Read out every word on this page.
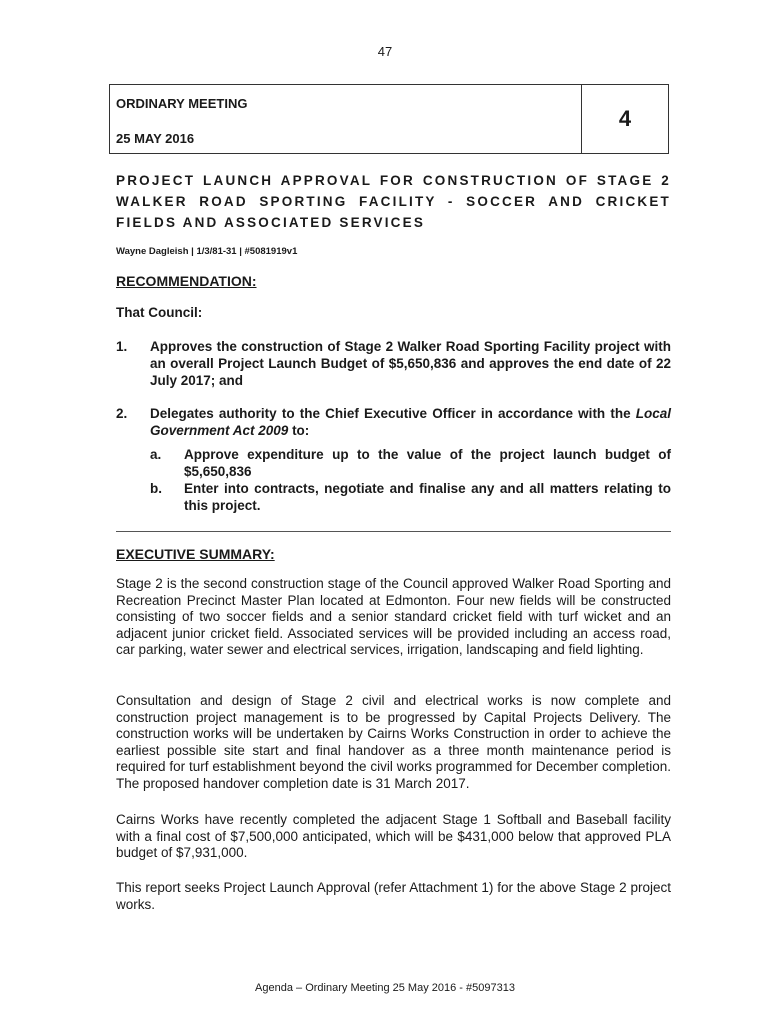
47
ORDINARY MEETING
25 MAY 2016
4
PROJECT LAUNCH APPROVAL FOR CONSTRUCTION OF STAGE 2 WALKER ROAD SPORTING FACILITY - SOCCER AND CRICKET FIELDS AND ASSOCIATED SERVICES
Wayne Dagleish | 1/3/81-31 | #5081919v1
RECOMMENDATION:
That Council:
1. Approves the construction of Stage 2 Walker Road Sporting Facility project with an overall Project Launch Budget of $5,650,836 and approves the end date of 22 July 2017; and
2. Delegates authority to the Chief Executive Officer in accordance with the Local Government Act 2009 to:
a. Approve expenditure up to the value of the project launch budget of $5,650,836
b. Enter into contracts, negotiate and finalise any and all matters relating to this project.
EXECUTIVE SUMMARY:
Stage 2 is the second construction stage of the Council approved Walker Road Sporting and Recreation Precinct Master Plan located at Edmonton. Four new fields will be constructed consisting of two soccer fields and a senior standard cricket field with turf wicket and an adjacent junior cricket field. Associated services will be provided including an access road, car parking, water sewer and electrical services, irrigation, landscaping and field lighting.
Consultation and design of Stage 2 civil and electrical works is now complete and construction project management is to be progressed by Capital Projects Delivery. The construction works will be undertaken by Cairns Works Construction in order to achieve the earliest possible site start and final handover as a three month maintenance period is required for turf establishment beyond the civil works programmed for December completion. The proposed handover completion date is 31 March 2017.
Cairns Works have recently completed the adjacent Stage 1 Softball and Baseball facility with a final cost of $7,500,000 anticipated, which will be $431,000 below that approved PLA budget of $7,931,000.
This report seeks Project Launch Approval (refer Attachment 1) for the above Stage 2 project works.
Agenda – Ordinary Meeting 25 May 2016 - #5097313
